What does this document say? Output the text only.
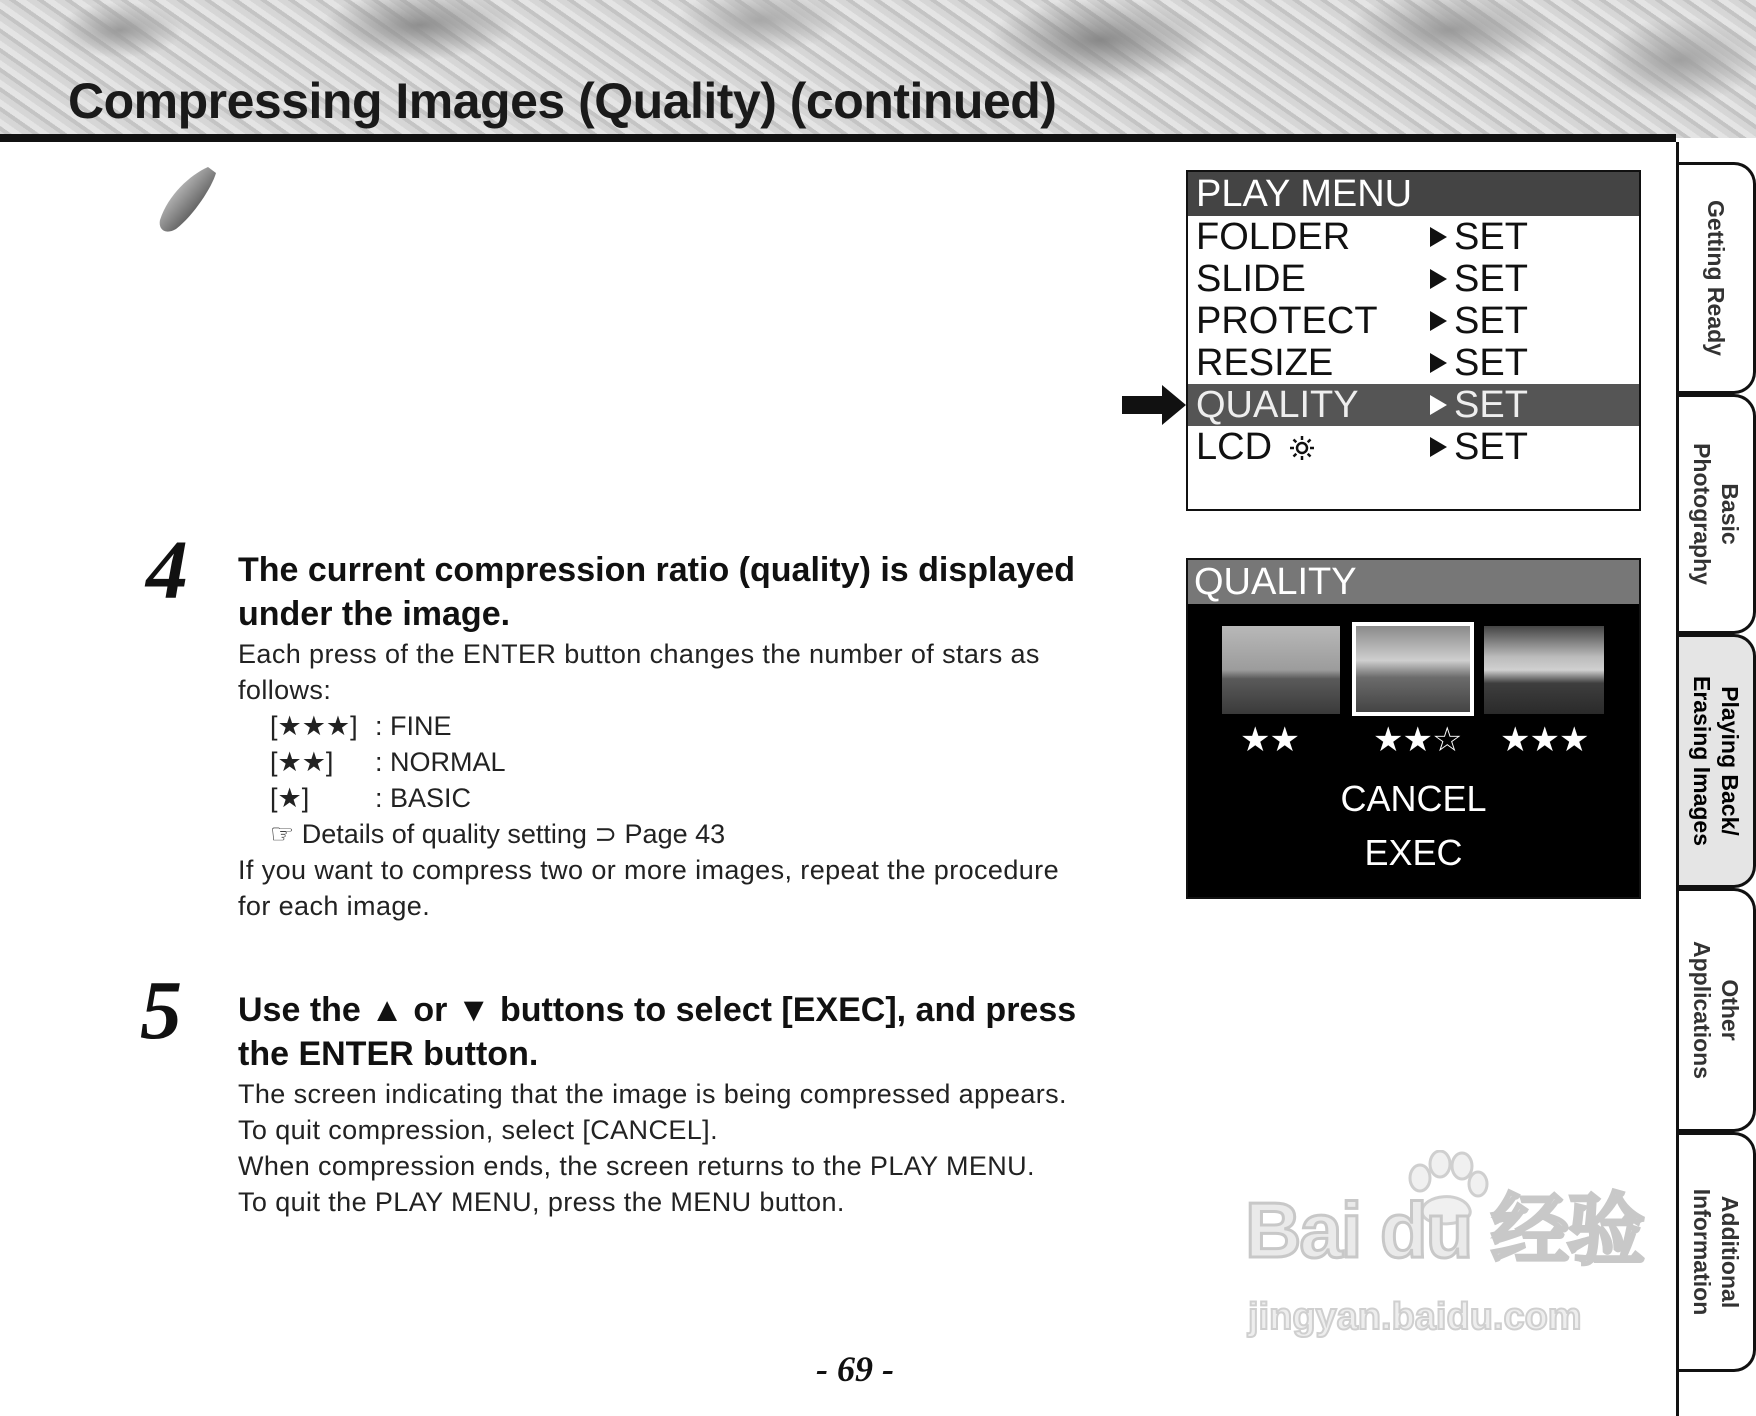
Compressing Images (Quality) (continued)
Getting Ready
Basic
Photography
Playing Back/
Erasing Images
Other
Applications
Additional
Information
PLAY MENU
FOLDER	SET
SLIDE	SET
PROTECT SET
RESIZE	SET
QUALITY	SET
LCD	SET
QUALITY
★★ ★★☆ ★★★
CANCEL
EXEC
4 The current compression ratio (quality) is displayed
under the image.
Each press of the ENTER button changes the number of stars as
follows:
[★★★] : FINE
[★★] : NORMAL
[★] : BASIC
☞ Details of quality setting ⊃ Page 43
If you want to compress two or more images, repeat the procedure
for each image.
5 Use the ▲ or ▼ buttons to select [EXEC], and press
the ENTER button.
The screen indicating that the image is being compressed appears.
To quit compression, select [CANCEL].
When compression ends, the screen returns to the PLAY MENU.
To quit the PLAY MENU, press the MENU button.	Bai du 经验
jingyan.baidu.com
- 69 -
